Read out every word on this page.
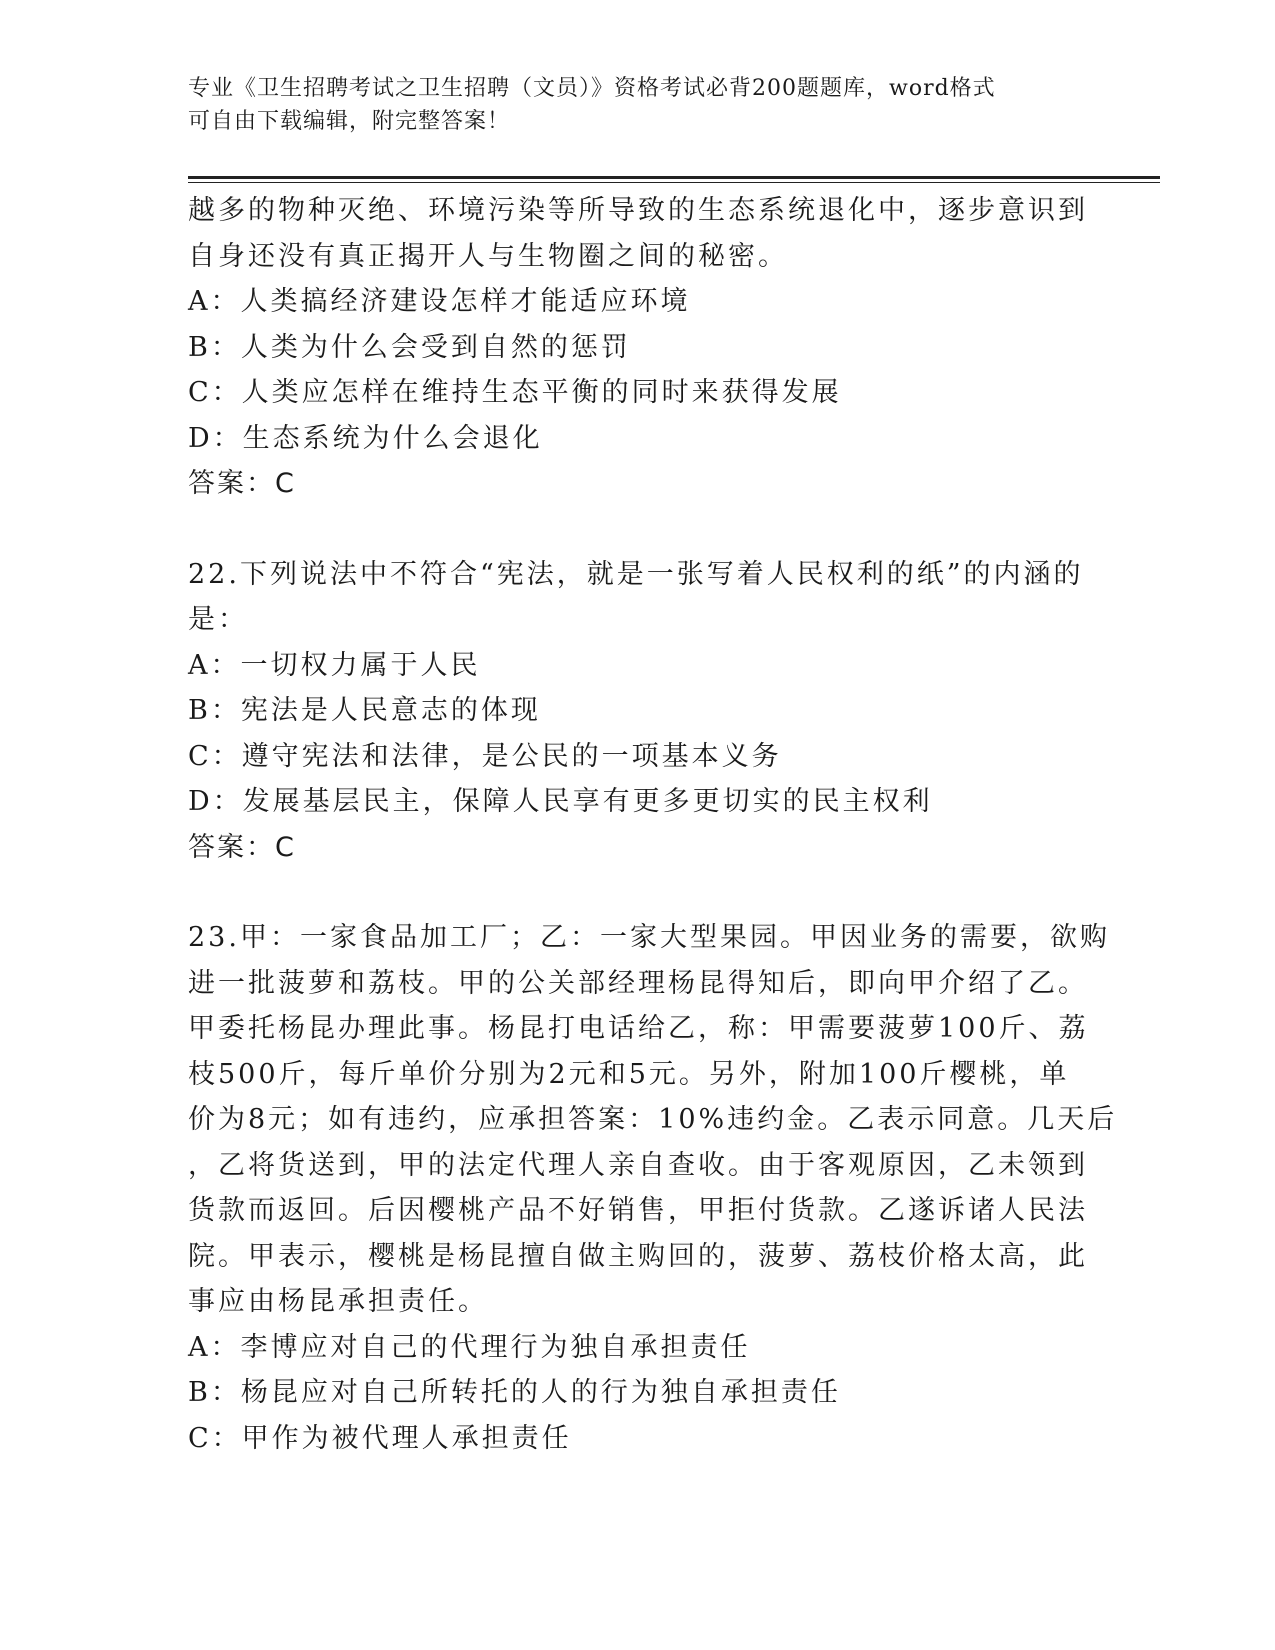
专业《卫生招聘考试之卫生招聘（文员）》资格考试必背200题题库，word格式
可自由下载编辑，附完整答案！
越多的物种灭绝、环境污染等所导致的生态系统退化中，逐步意识到
自身还没有真正揭开人与生物圈之间的秘密。
A：人类搞经济建设怎样才能适应环境
B：人类为什么会受到自然的惩罚
C：人类应怎样在维持生态平衡的同时来获得发展
D：生态系统为什么会退化
答案：C
22.下列说法中不符合“宪法，就是一张写着人民权利的纸”的内涵的
是：
A：一切权力属于人民
B：宪法是人民意志的体现
C：遵守宪法和法律，是公民的一项基本义务
D：发展基层民主，保障人民享有更多更切实的民主权利
答案：C
23.甲：一家食品加工厂；乙：一家大型果园。甲因业务的需要，欲购
进一批菠萝和荔枝。甲的公关部经理杨昆得知后，即向甲介绍了乙。
甲委托杨昆办理此事。杨昆打电话给乙，称：甲需要菠萝100斤、荔
枝500斤，每斤单价分别为2元和5元。另外，附加100斤樱桃，单
价为8元；如有违约，应承担答案：10%违约金。乙表示同意。几天后
，乙将货送到，甲的法定代理人亲自查收。由于客观原因，乙未领到
货款而返回。后因樱桃产品不好销售，甲拒付货款。乙遂诉诸人民法
院。甲表示，樱桃是杨昆擅自做主购回的，菠萝、荔枝价格太高，此
事应由杨昆承担责任。
A：李博应对自己的代理行为独自承担责任
B：杨昆应对自己所转托的人的行为独自承担责任
C：甲作为被代理人承担责任
